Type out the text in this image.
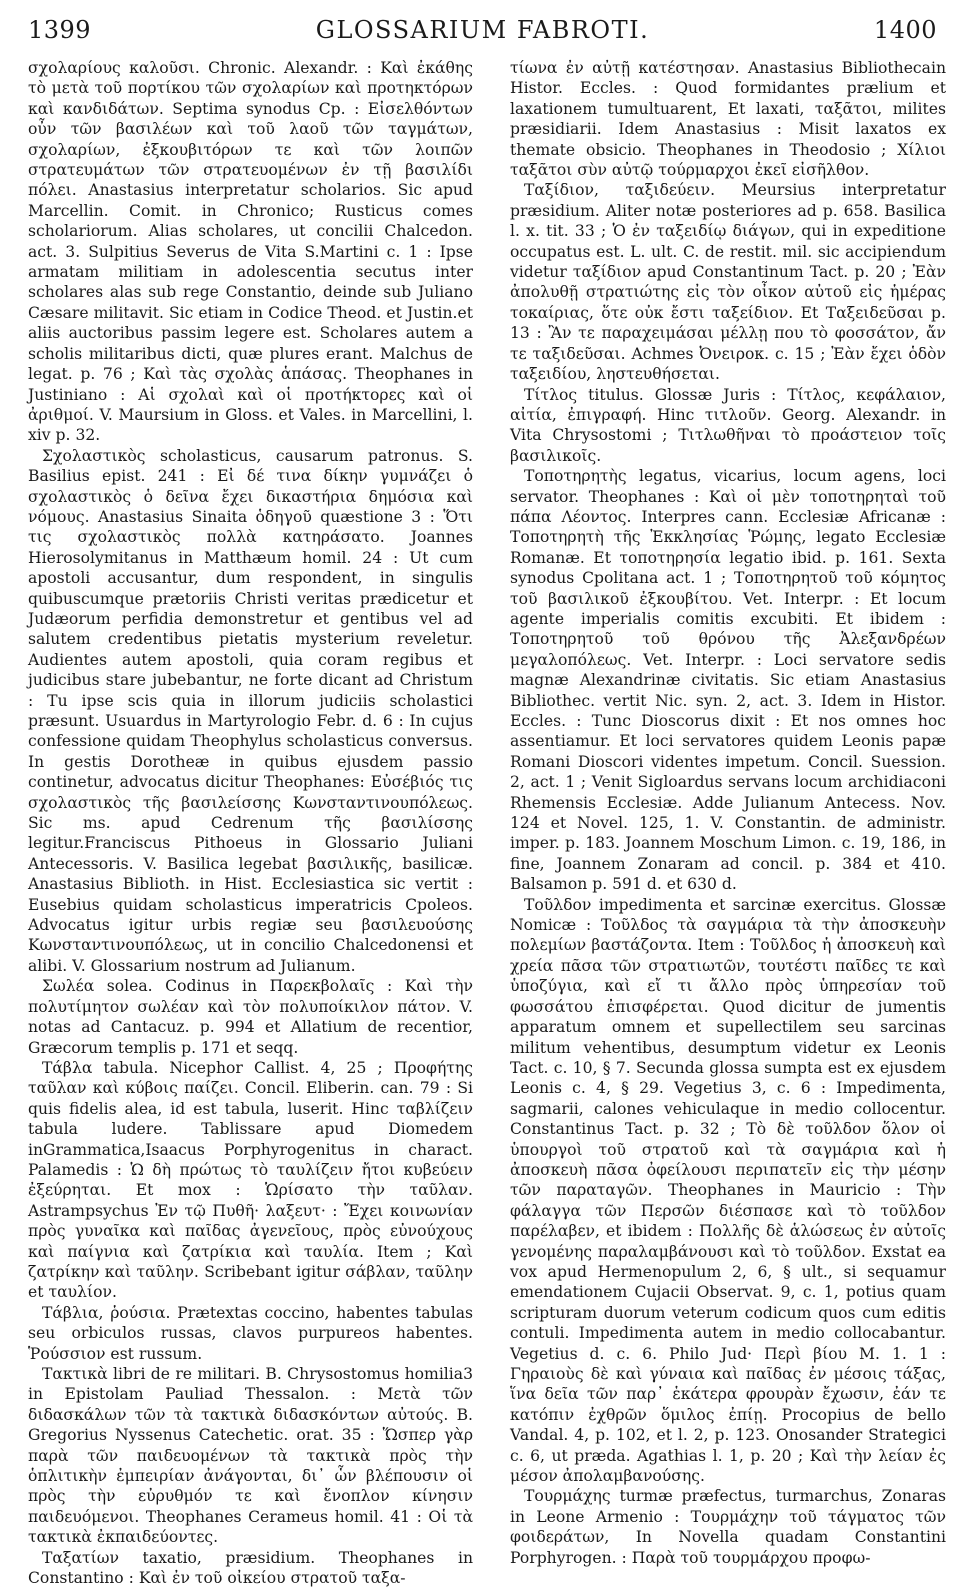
1399	GLOSSARIUM FABROTI.	1400

σχολαρίους καλοῦσι. Chronic. Alexandr. : Καὶ ἐκάθης τὸ μετὰ τοῦ πορτίκου τῶν σχολαρίων καὶ προτηκτόρων καὶ κανδιδάτων. Septima synodus Cp. : Εἰσελθόντων οὖν τῶν βασιλέων καὶ τοῦ λαοῦ τῶν ταγμάτων, σχολαρίων, ἐξκουβιτόρων τε καὶ τῶν λοιπῶν στρατευμάτων τῶν στρατευομένων ἐν τῇ βασιλίδι πόλει. Anastasius interpretatur scholarios. Sic apud Marcellin. Comit. in Chronico; Rusticus comes scholariorum. Alias scholares, ut concilii Chalcedon. act. 3. Sulpitius Severus de Vita S.Martini c. 1 : Ipse armatam militiam in adolescentia secutus inter scholares alas sub rege Constantio, deinde sub Juliano Cæsare militavit. Sic etiam in Codice Theod. et Justin.et aliis auctoribus passim legere est. Scholares autem a scholis militaribus dicti, quæ plures erant. Malchus de legat. p. 76 ; Καὶ τὰς σχολὰς ἁπάσας. Theophanes in Justiniano : Αἱ σχολαὶ καὶ οἱ προτήκτορες καὶ οἱ ἀριθμοί. V. Maursium in Gloss. et Vales. in Marcellini, l. xiv p. 32.

Σχολαστικὸς scholasticus, causarum patronus. S. Basilius epist. 241 : Εἰ δέ τινα δίκην γυμνάζει ὁ σχολαστικὸς ὁ δεῖνα ἔχει δικαστήρια δημόσια καὶ νόμους. Anastasius Sinaita ὁδηγοῦ quæstione 3 : Ὅτι τις σχολαστικὸς πολλὰ κατηράσατο. Joannes Hierosolymitanus in Matthæum homil. 24 : Ut cum apostoli accusantur, dum respondent, in singulis quibuscumque prætoriis Christi veritas prædicetur et Judæorum perfidia demonstretur et gentibus vel ad salutem credentibus pietatis mysterium reveletur. Audientes autem apostoli, quia coram regibus et judicibus stare jubebantur, ne forte dicant ad Christum : Tu ipse scis quia in illorum judiciis scholastici præsunt. Usuardus in Martyrologio Febr. d. 6 : In cujus confessione quidam Theophylus scholasticus conversus. In gestis Dorotheæ in quibus ejusdem passio continetur, advocatus dicitur Theophanes: Εὐσέβιός τις σχολαστικὸς τῆς βασιλείσσης Κωνσταντινουπόλεως. Sic ms. apud Cedrenum τῆς βασιλίσσης legitur.Franciscus Pithoeus in Glossario Juliani Antecessoris. V. Basilica legebat βασιλικῆς, basilicæ. Anastasius Biblioth. in Hist. Ecclesiastica sic vertit : Eusebius quidam scholasticus imperatricis Cpoleos. Advocatus igitur urbis regiæ seu βασιλευούσης Κωνσταντινουπόλεως, ut in concilio Chalcedonensi et alibi. V. Glossarium nostrum ad Julianum.

Σωλέα solea. Codinus in Παρεκβολαῖς : Καὶ τὴν πολυτίμητον σωλέαν καὶ τὸν πολυποίκιλον πάτον. V. notas ad Cantacuz. p. 994 et Allatium de recentior, Græcorum templis p. 171 et seqq.

Τάβλα tabula. Nicephor Callist. 4, 25 ; Προφήτης ταῦλαν καὶ κύβοις παίζει. Concil. Eliberin. can. 79 : Si quis fidelis alea, id est tabula, luserit. Hinc ταβλίζειν tabula ludere. Tablissare apud Diomedem inGrammatica,Isaacus Porphyrogenitus in charact. Palamedis : Ὡ δὴ πρώτως τὸ ταυλίζειν ἤτοι κυβεύειν ἐξεύρηται. Et mox : Ὡρίσατο τὴν ταῦλαν. Astrampsychus Ἐν τῷ Πυθῆ· λαξευτ· : Ἔχει κοινωνίαν πρὸς γυναῖκα καὶ παῖδας ἀγενεῖους, πρὸς εὐνούχους καὶ παίγνια καὶ ζατρίκια καὶ ταυλία. Item ; Καὶ ζατρίκην καὶ ταῦλην. Scribebant igitur σάβλαν, ταῦλην et ταυλίον.

Τάβλια, ῥούσια. Prætextas coccino, habentes tabulas seu orbiculos russas, clavos purpureos habentes. Ῥούσσιον est russum.

Τακτικὰ libri de re militari. B. Chrysostomus homilia3 in Epistolam Pauliad Thessalon. : Μετὰ τῶν διδασκάλων τῶν τὰ τακτικὰ διδασκόντων αὐτούς. B. Gregorius Nyssenus Catechetic. orat. 35 : Ὥσπερ γὰρ παρὰ τῶν παιδευομένων τὰ τακτικὰ πρὸς τὴν ὁπλιτικὴν ἐμπειρίαν ἀνάγονται, δι᾽ ὧν βλέπουσιν οἱ πρὸς τὴν εὐρυθμόν τε καὶ ἔνοπλον κίνησιν παιδευόμενοι. Theophanes Cerameus homil. 41 : Οἱ τὰ τακτικὰ ἐκπαιδεύοντες.

Ταξατίων taxatio, præsidium. Theophanes in Constantino : Καὶ ἐν τοῦ οἰκείου στρατοῦ ταξα-

τίωνα ἐν αὐτῇ κατέστησαν. Anastasius Bibliothecain Histor. Eccles. : Quod formidantes prælium et laxationem tumultuarent, Et laxati, ταξᾶτοι, milites præsidiarii. Idem Anastasius : Misit laxatos ex themate obsicio. Theophanes in Theodosio ; Χίλιοι ταξᾶτοι σὺν αὐτῷ τούρμαρχοι ἐκεῖ εἰσῆλθον.

Ταξίδιον, ταξιδεύειν. Meursius interpretatur præsidium. Aliter notæ posteriores ad p. 658. Basilica l. x. tit. 33 ; Ὁ ἐν ταξειδίῳ διάγων, qui in expeditione occupatus est. L. ult. C. de restit. mil. sic accipiendum videtur ταξίδιον apud Constantinum Tact. p. 20 ; Ἐὰν ἀπολυθῇ στρατιώτης εἰς τὸν οἶκον αὐτοῦ εἰς ἡμέρας τοκαίριας, ὅτε οὐκ ἔστι ταξείδιον. Et Ταξειδεῦσαι p. 13 : Ἂν τε παραχειμάσαι μέλλῃ που τὸ φοσσάτον, ἄν τε ταξιδεῦσαι. Achmes Ὀνειροκ. c. 15 ; Ἐὰν ἔχει ὁδὸν ταξειδίου, ληστευθήσεται.

Τίτλος titulus. Glossæ Juris : Τίτλος, κεφάλαιον, αἰτία, ἐπιγραφή. Hinc τιτλοῦν. Georg. Alexandr. in Vita Chrysostomi ; Τιτλωθῆναι τὸ προάστειον τοῖς βασιλικοῖς.

Τοποτηρητὴς legatus, vicarius, locum agens, loci servator. Theophanes : Καὶ οἱ μὲν τοποτηρηταὶ τοῦ πάπα Λέοντος. Interpres cann. Ecclesiæ Africanæ : Τοποτηρητὴ τῆς Ἐκκλησίας Ῥώμης, legato Ecclesiæ Romanæ. Et τοποτηρησία legatio ibid. p. 161. Sexta synodus Cpolitana act. 1 ; Τοποτηρητοῦ τοῦ κόμητος τοῦ βασιλικοῦ ἐξκουβίτου. Vet. Interpr. : Et locum agente imperialis comitis excubiti. Et ibidem : Τοποτηρητοῦ τοῦ θρόνου τῆς Ἀλεξανδρέων μεγαλοπόλεως. Vet. Interpr. : Loci servatore sedis magnæ Alexandrinæ civitatis. Sic etiam Anastasius Bibliothec. vertit Nic. syn. 2, act. 3. Idem in Histor. Eccles. : Tunc Dioscorus dixit : Et nos omnes hoc assentiamur. Et loci servatores quidem Leonis papæ Romani Dioscori videntes impetum. Concil. Suession. 2, act. 1 ; Venit Sigloardus servans locum archidiaconi Rhemensis Ecclesiæ. Adde Julianum Antecess. Nov. 124 et Novel. 125, 1. V. Constantin. de administr. imper. p. 183. Joannem Moschum Limon. c. 19, 186, in fine, Joannem Zonaram ad concil. p. 384 et 410. Balsamon p. 591 d. et 630 d.

Τοῦλδον impedimenta et sarcinæ exercitus. Glossæ Nomicæ : Τοῦλδος τὰ σαγμάρια τὰ τὴν ἀποσκευὴν πολεμίων βαστάζοντα. Item : Τοῦλδος ἡ ἀποσκευὴ καὶ χρεία πᾶσα τῶν στρατιωτῶν, τουτέστι παῖδες τε καὶ ὑποζύγια, καὶ εἴ τι ἄλλο πρὸς ὑπηρεσίαν τοῦ φωσσάτου ἐπισφέρεται. Quod dicitur de jumentis apparatum omnem et supellectilem seu sarcinas militum vehentibus, desumptum videtur ex Leonis Tact. c. 10, § 7. Secunda glossa sumpta est ex ejusdem Leonis c. 4, § 29. Vegetius 3, c. 6 : Impedimenta, sagmarii, calones vehiculaque in medio collocentur. Constantinus Tact. p. 32 ; Τὸ δὲ τοῦλδον ὅλον οἱ ὑπουργοὶ τοῦ στρατοῦ καὶ τὰ σαγμάρια καὶ ἡ ἀποσκευὴ πᾶσα ὀφείλουσι περιπατεῖν εἰς τὴν μέσην τῶν παραταγῶν. Theophanes in Mauricio : Τὴν φάλαγγα τῶν Περσῶν διέσπασε καὶ τὸ τοῦλδον παρέλαβεν, et ibidem : Πολλῆς δὲ ἁλώσεως ἐν αὐτοῖς γενομένης παραλαμβάνουσι καὶ τὸ τοῦλδον. Exstat ea vox apud Hermenopulum 2, 6, § ult., si sequamur emendationem Cujacii Observat. 9, c. 1, potius quam scripturam duorum veterum codicum quos cum editis contuli. Impedimenta autem in medio collocabantur. Vegetius d. c. 6. Philo Jud· Περὶ βίου M. 1. 1 : Γηραιοὺς δὲ καὶ γύναια καὶ παῖδας ἐν μέσοις τάξας, ἵνα δεῖα τῶν παρ᾽ ἑκάτερα φρουρὰν ἔχωσιν, ἐάν τε κατόπιν ἐχθρῶν ὅμιλος ἐπίῃ. Procopius de bello Vandal. 4, p. 102, et l. 2, p. 123. Onosander Strategici c. 6, ut præda. Agathias l. 1, p. 20 ; Καὶ τὴν λείαν ἐς μέσον ἀπολαμβανούσης.

Τουρμάχης turmæ præfectus, turmarchus, Zonaras in Leone Armenio : Τουρμάχην τοῦ τάγματος τῶν φοιδεράτων, In Novella quadam Constantini Porphyrogen. : Παρὰ τοῦ τουρμάρχου προφω-
